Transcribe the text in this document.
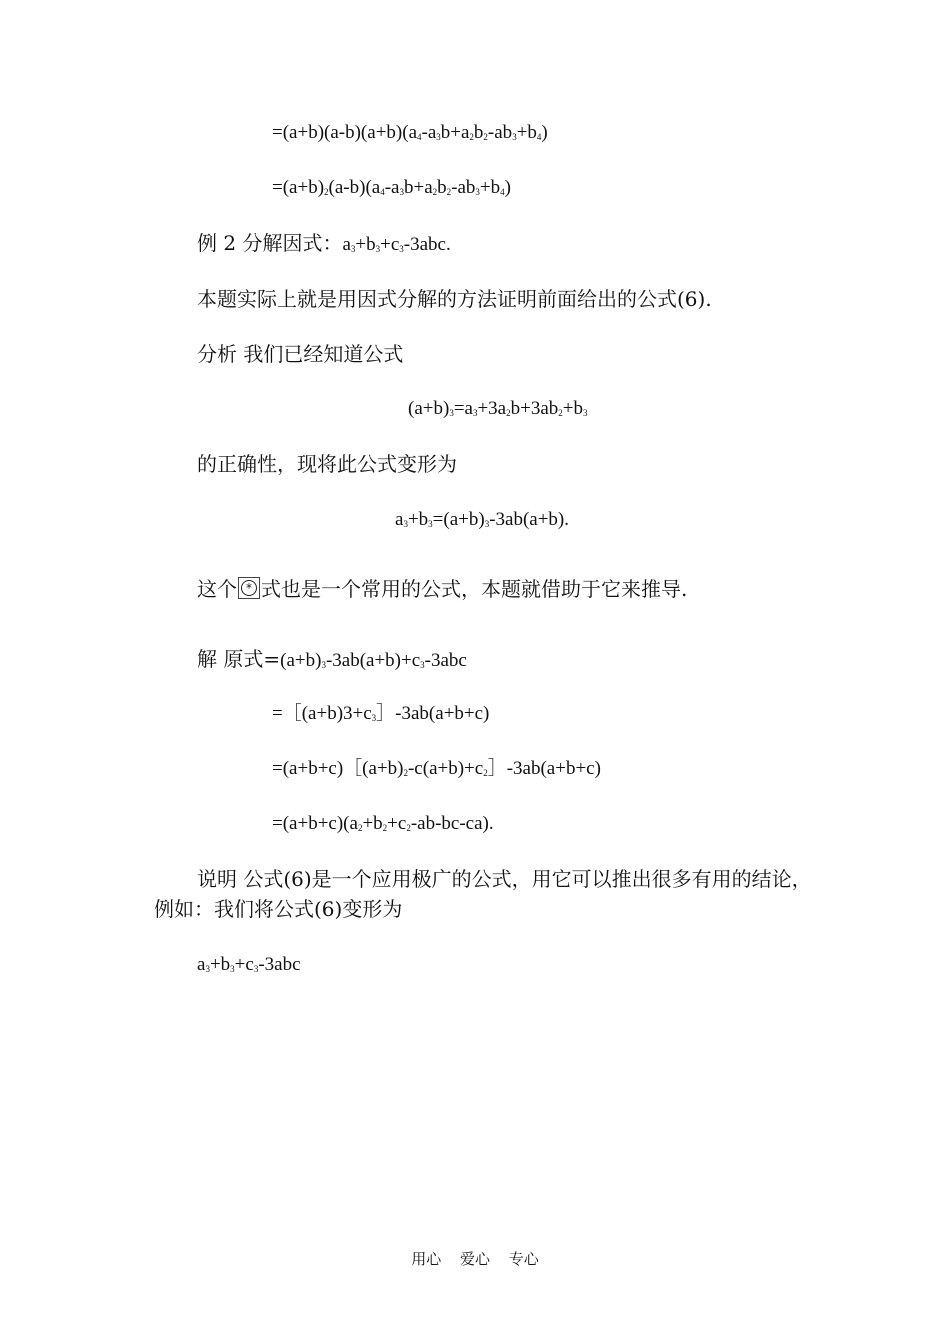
$=(a+b)(a-b)(a+b)(a_4-a_3b+a_2b_2-ab_3+b_4)$
$=(a+b)_2(a-b)(a_4-a_3b+a_2b_2-ab_3+b_4)$
例 2 分解因式：$a_3+b_3+c_3-3abc$.
本题实际上就是用因式分解的方法证明前面给出的公式(6).
分析 我们已经知道公式
$(a+b)_3=a_3+3a_2b+3ab_2+b_3$
的正确性，现将此公式变形为
$a_3+b_3=(a+b)_3-3ab(a+b)$.
这个 * 式也是一个常用的公式，本题就借助于它来推导.
解 原式$=(a+b)_3-3ab(a+b)+c_3-3abc$
$=[(a+b)3+c_3]-3ab(a+b+c)$
$=(a+b+c)[(a+b)_2-c(a+b)+c_2]-3ab(a+b+c)$
$=(a+b+c)(a_2+b_2+c_2-ab-bc-ca)$.
说明 公式(6)是一个应用极广的公式，用它可以推出很多有用的结论，
例如：我们将公式(6)变形为
$a_3+b_3+c_3-3abc$
用心 爱心 专心
